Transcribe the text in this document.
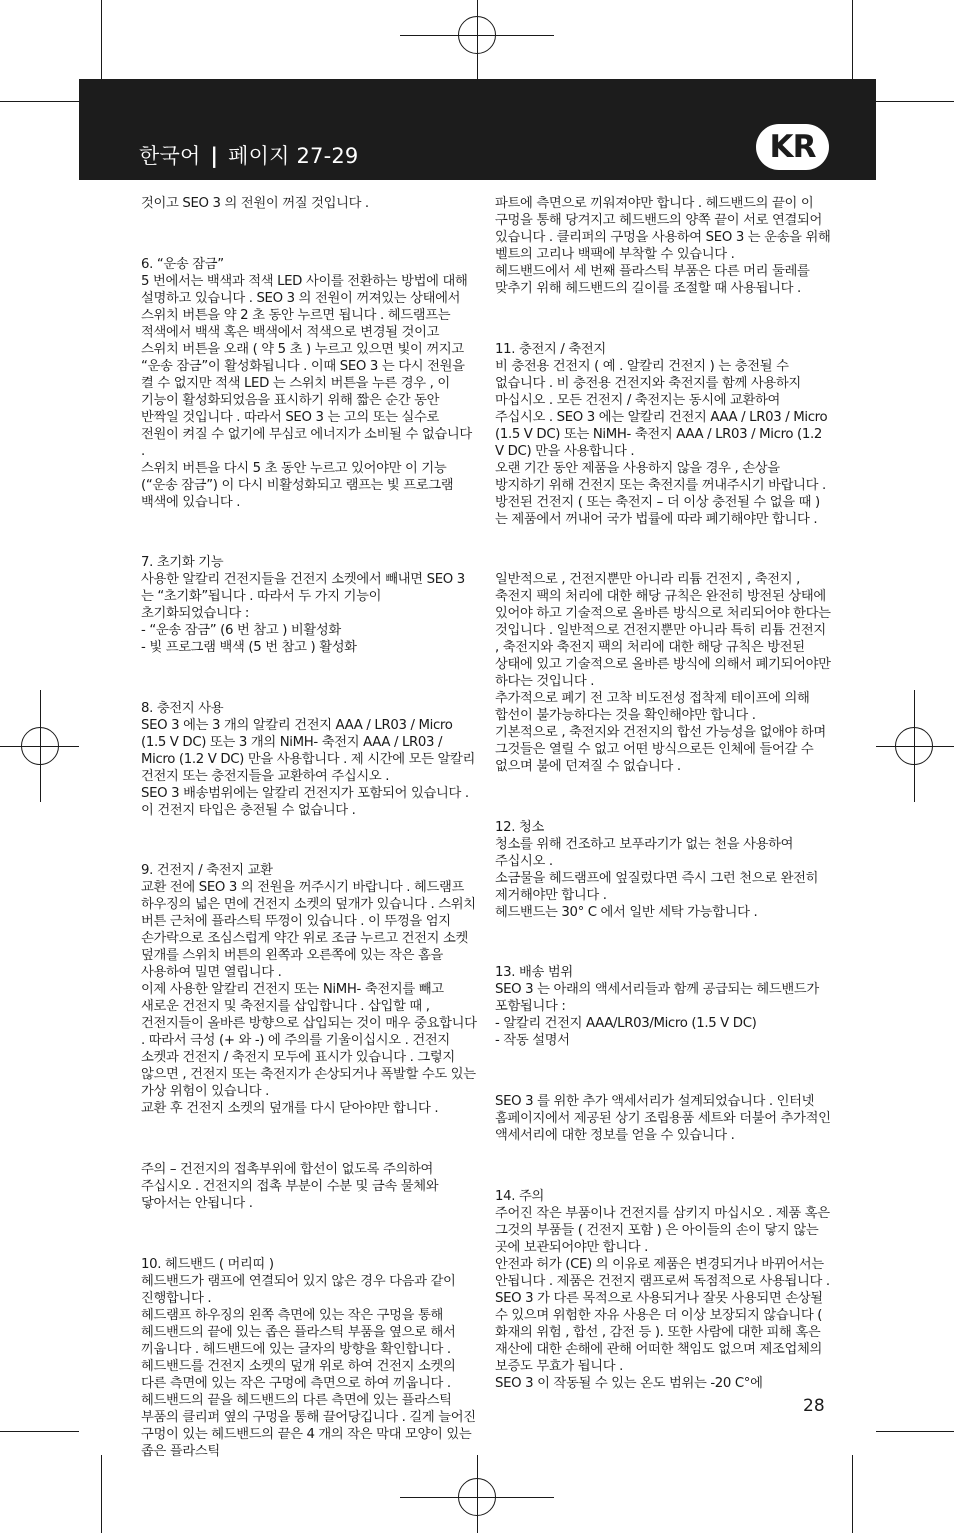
한국어 | 페이지 27-29	KR

것이고 SEO 3 의 전원이 꺼질 것입니다 .

6. “운송 잠금”

5 번에서는 백색과 적색 LED 사이를 전환하는 방법에 대해 설명하고 있습니다 . SEO 3 의 전원이 꺼져있는 상태에서 스위치 버튼을 약 2 초 동안 누르면 됩니다 . 헤드램프는 적색에서 백색 혹은 백색에서 적색으로 변경될 것이고 스위치 버튼을 오래 ( 약 5 초 ) 누르고 있으면 빛이 꺼지고 “운송 잠금”이 활성화됩니다 . 이때 SEO 3 는 다시 전원을 켤 수 없지만 적색 LED 는 스위치 버튼을 누른 경우 , 이 기능이 활성화되었음을 표시하기 위해 짧은 순간 동안 반짝일 것입니다 . 따라서 SEO 3 는 고의 또는 실수로 전원이 켜질 수 없기에 무심코 에너지가 소비될 수 없습니다 .

스위치 버튼을 다시 5 초 동안 누르고 있어야만 이 기능 (“운송 잠금”) 이 다시 비활성화되고 램프는 빛 프로그램 백색에 있습니다 .

7. 초기화 기능

사용한 알칼리 건전지들을 건전지 소켓에서 빼내면 SEO 3 는 “초기화”됩니다 . 따라서 두 가지 기능이 초기화되었습니다 :

- “운송 잠금” (6 번 참고 ) 비활성화

- 빛 프로그램 백색 (5 번 참고 ) 활성화

8. 충전지 사용

SEO 3 에는 3 개의 알칼리 건전지 AAA / LR03 / Micro (1.5 V DC) 또는 3 개의 NiMH- 축전지 AAA / LR03 / Micro (1.2 V DC) 만을 사용합니다 . 제 시간에 모든 알칼리 건전지 또는 충전지들을 교환하여 주십시오 .

SEO 3 배송범위에는 알칼리 건전지가 포함되어 있습니다 . 이 건전지 타입은 충전될 수 없습니다 .

9. 건전지 / 축전지 교환

교환 전에 SEO 3 의 전원을 꺼주시기 바랍니다 . 헤드램프 하우징의 넓은 면에 건전지 소켓의 덮개가 있습니다 . 스위치 버튼 근처에 플라스틱 뚜껑이 있습니다 . 이 뚜껑을 엄지 손가락으로 조심스럽게 약간 위로 조금 누르고 건전지 소켓 덮개를 스위치 버튼의 왼쪽과 오른쪽에 있는 작은 홈을 사용하여 밀면 열립니다 .

이제 사용한 알칼리 건전지 또는 NiMH- 축전지를 빼고 새로운 건전지 및 축전지를 삽입합니다 . 삽입할 때 , 건전지들이 올바른 방향으로 삽입되는 것이 매우 중요합니다 . 따라서 극성 (+ 와 -) 에 주의를 기울이십시오 . 건전지 소켓과 건전지 / 축전지 모두에 표시가 있습니다 . 그렇지 않으면 , 건전지 또는 축전지가 손상되거나 폭발할 수도 있는 가상 위험이 있습니다 .

교환 후 건전지 소켓의 덮개를 다시 닫아야만 합니다 .

주의 – 건전지의 접촉부위에 합선이 없도록 주의하여 주십시오 . 건전지의 접촉 부분이 수분 및 금속 물체와 닿아서는 안됩니다 .

10. 헤드밴드 ( 머리띠 )

헤드밴드가 램프에 연결되어 있지 않은 경우 다음과 같이 진행합니다 .

헤드램프 하우징의 왼쪽 측면에 있는 작은 구멍을 통해 헤드밴드의 끝에 있는 좁은 플라스틱 부품을 옆으로 해서 끼웁니다 . 헤드밴드에 있는 글자의 방향을 확인합니다 . 헤드밴드를 건전지 소켓의 덮개 위로 하여 건전지 소켓의 다른 측면에 있는 작은 구멍에 측면으로 하여 끼웁니다 . 헤드밴드의 끝을 헤드밴드의 다른 측면에 있는 플라스틱 부품의 클리퍼 옆의 구멍을 통해 끌어당깁니다 . 길게 늘어진 구멍이 있는 헤드밴드의 끝은 4 개의 작은 막대 모양이 있는 좁은 플라스틱

파트에 측면으로 끼워져야만 합니다 . 헤드밴드의 끝이 이 구멍을 통해 당겨지고 헤드밴드의 양쪽 끝이 서로 연결되어 있습니다 . 클리퍼의 구멍을 사용하여 SEO 3 는 운송을 위해 벨트의 고리나 백팩에 부착할 수 있습니다 .

헤드밴드에서 세 번째 플라스틱 부품은 다른 머리 둘레를 맞추기 위해 헤드밴드의 길이를 조절할 때 사용됩니다 .

11. 충전지 / 축전지

비 충전용 건전지 ( 예 . 알칼리 건전지 ) 는 충전될 수 없습니다 . 비 충전용 건전지와 축전지를 함께 사용하지 마십시오 . 모든 건전지 / 축전지는 동시에 교환하여 주십시오 . SEO 3 에는 알칼리 건전지 AAA / LR03 / Micro (1.5 V DC) 또는 NiMH- 축전지 AAA / LR03 / Micro (1.2 V DC) 만을 사용합니다 .

오랜 기간 동안 제품을 사용하지 않을 경우 , 손상을 방지하기 위해 건전지 또는 축전지를 꺼내주시기 바랍니다 . 방전된 건전지 ( 또는 축전지 – 더 이상 충전될 수 없을 때 ) 는 제품에서 꺼내어 국가 법률에 따라 폐기해야만 합니다 .

일반적으로 , 건전지뿐만 아니라 리튬 건전지 , 축전지 , 축전지 팩의 처리에 대한 해당 규칙은 완전히 방전된 상태에 있어야 하고 기술적으로 올바른 방식으로 처리되어야 한다는 것입니다 . 일반적으로 건전지뿐만 아니라 특히 리튬 건전지 , 축전지와 축전지 팩의 처리에 대한 해당 규칙은 방전된 상태에 있고 기술적으로 올바른 방식에 의해서 폐기되어야만 하다는 것입니다 .

추가적으로 폐기 전 고착 비도전성 접착제 테이프에 의해 합선이 불가능하다는 것을 확인해야만 합니다 .

기본적으로 , 축전지와 건전지의 합선 가능성을 없애야 하며 그것들은 열릴 수 없고 어떤 방식으로든 인체에 들어갈 수 없으며 불에 던져질 수 없습니다 .

12. 청소

청소를 위해 건조하고 보푸라기가 없는 천을 사용하여 주십시오 .

소금물을 헤드램프에 엎질렀다면 즉시 그런 천으로 완전히 제거해야만 합니다 .

헤드밴드는 30° C 에서 일반 세탁 가능합니다 .

13. 배송 범위

SEO 3 는 아래의 액세서리들과 함께 공급되는 헤드밴드가 포함됩니다 :

- 알칼리 건전지 AAA/LR03/Micro (1.5 V DC)

- 작동 설명서

SEO 3 를 위한 추가 액세서리가 설계되었습니다 . 인터넷 홈페이지에서 제공된 상기 조립용품 세트와 더불어 추가적인 액세서리에 대한 정보를 얻을 수 있습니다 .

14. 주의

주어진 작은 부품이나 건전지를 삼키지 마십시오 . 제품 혹은 그것의 부품들 ( 건전지 포함 ) 은 아이들의 손이 닿지 않는 곳에 보관되어야만 합니다 .

안전과 허가 (CE) 의 이유로 제품은 변경되거나 바뀌어서는 안됩니다 . 제품은 건전지 램프로써 독점적으로 사용됩니다 .

SEO 3 가 다른 목적으로 사용되거나 잘못 사용되면 손상될 수 있으며 위험한 자유 사용은 더 이상 보장되지 않습니다 ( 화재의 위험 , 합선 , 감전 등 ). 또한 사람에 대한 피해 혹은 재산에 대한 손해에 관해 어떠한 책임도 없으며 제조업체의 보증도 무효가 됩니다 .

SEO 3 이 작동될 수 있는 온도 범위는 -20 C°에

28
